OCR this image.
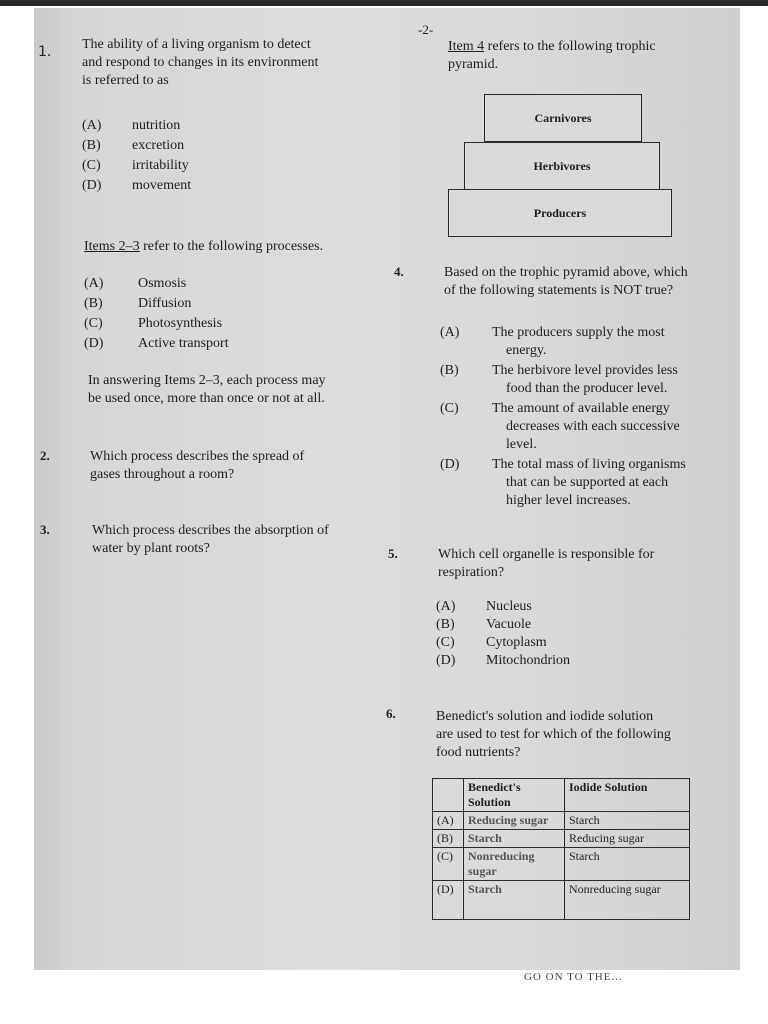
-2-
1. The ability of a living organism to detect
and respond to changes in its environment
is referred to as
(A) nutrition
(B) excretion
(C) irritability
(D) movement
Items 2–3 refer to the following processes.
(A) Osmosis
(B)	Diffusion
(C)	Photosynthesis
(D) Active transport
In answering Items 2–3, each process may
be used once, more than once or not at all.
2.	Which process describes the spread of
gases throughout a room?
3.	Which process describes the absorption of
water by plant roots?
Item 4 refers to the following trophic
pyramid.
Carnivores
Herbivores
Producers
4.	Based on the trophic pyramid above, which
of the following statements is NOT true?
(A)	The producers supply the most
energy.
(B)	The herbivore level provides less
food than the producer level.
(C)	The amount of available energy
decreases with each successive
level.
(D)	The total mass of living organisms
that can be supported at each
higher level increases.
5.	Which cell organelle is responsible for
respiration?
(A) Nucleus
(B) Vacuole
(C) Cytoplasm
(D) Mitochondrion
6.	Benedict's solution and iodide solution
are used to test for which of the following
food nutrients?
	Benedict's Solution	Iodide Solution
(A)	Reducing sugar	Starch
(B)	Starch	Reducing sugar
(C)	Nonreducing sugar	Starch
(D)	Starch	Nonreducing sugar
GO ON TO THE...
